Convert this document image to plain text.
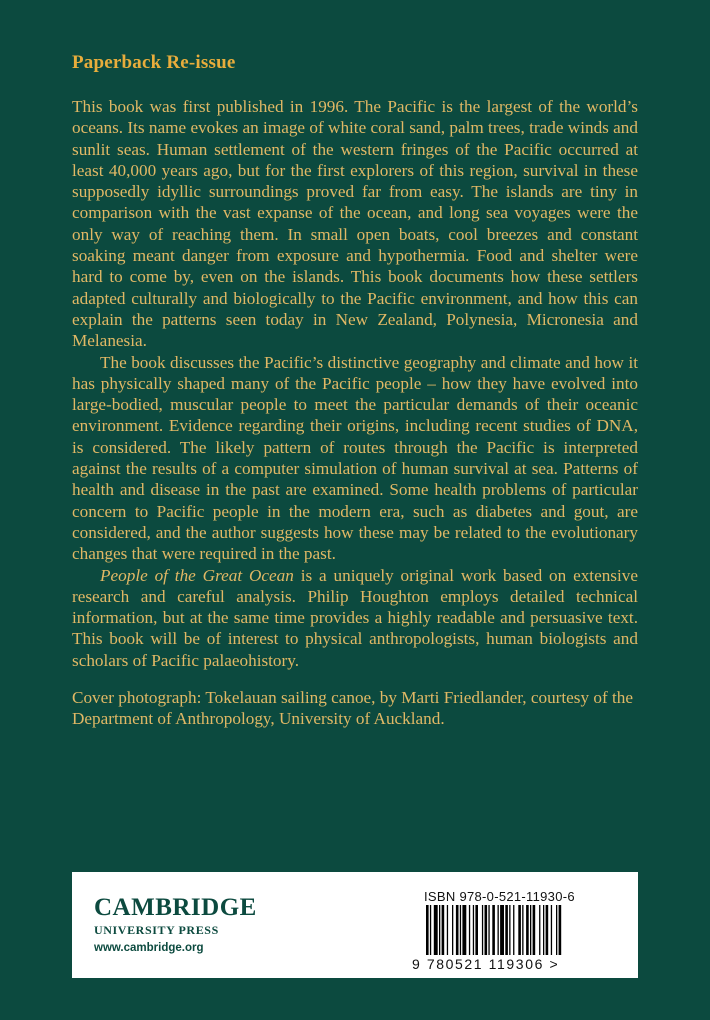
Paperback Re-issue

This book was first published in 1996. The Pacific is the largest of the world’s oceans. Its name evokes an image of white coral sand, palm trees, trade winds and sunlit seas. Human settlement of the western fringes of the Pacific occurred at least 40,000 years ago, but for the first explorers of this region, survival in these supposedly idyllic surroundings proved far from easy. The islands are tiny in comparison with the vast expanse of the ocean, and long sea voyages were the only way of reaching them. In small open boats, cool breezes and constant soaking meant danger from exposure and hypothermia. Food and shelter were hard to come by, even on the islands. This book documents how these settlers adapted culturally and biologically to the Pacific environment, and how this can explain the patterns seen today in New Zealand, Polynesia, Micronesia and Melanesia.

The book discusses the Pacific’s distinctive geography and climate and how it has physically shaped many of the Pacific people – how they have evolved into large-bodied, muscular people to meet the particular demands of their oceanic environment. Evidence regarding their origins, including recent studies of DNA, is considered. The likely pattern of routes through the Pacific is interpreted against the results of a computer simulation of human survival at sea. Patterns of health and disease in the past are examined. Some health problems of particular concern to Pacific people in the modern era, such as diabetes and gout, are considered, and the author suggests how these may be related to the evolutionary changes that were required in the past.

People of the Great Ocean is a uniquely original work based on extensive research and careful analysis. Philip Houghton employs detailed technical information, but at the same time provides a highly readable and persuasive text. This book will be of interest to physical anthropologists, human biologists and scholars of Pacific palaeohistory.

Cover photograph: Tokelauan sailing canoe, by Marti Friedlander, courtesy of the Department of Anthropology, University of Auckland.

CAMBRIDGE
UNIVERSITY PRESS
www.cambridge.org
ISBN 978-0-521-11930-6
9 780521 119306 >
